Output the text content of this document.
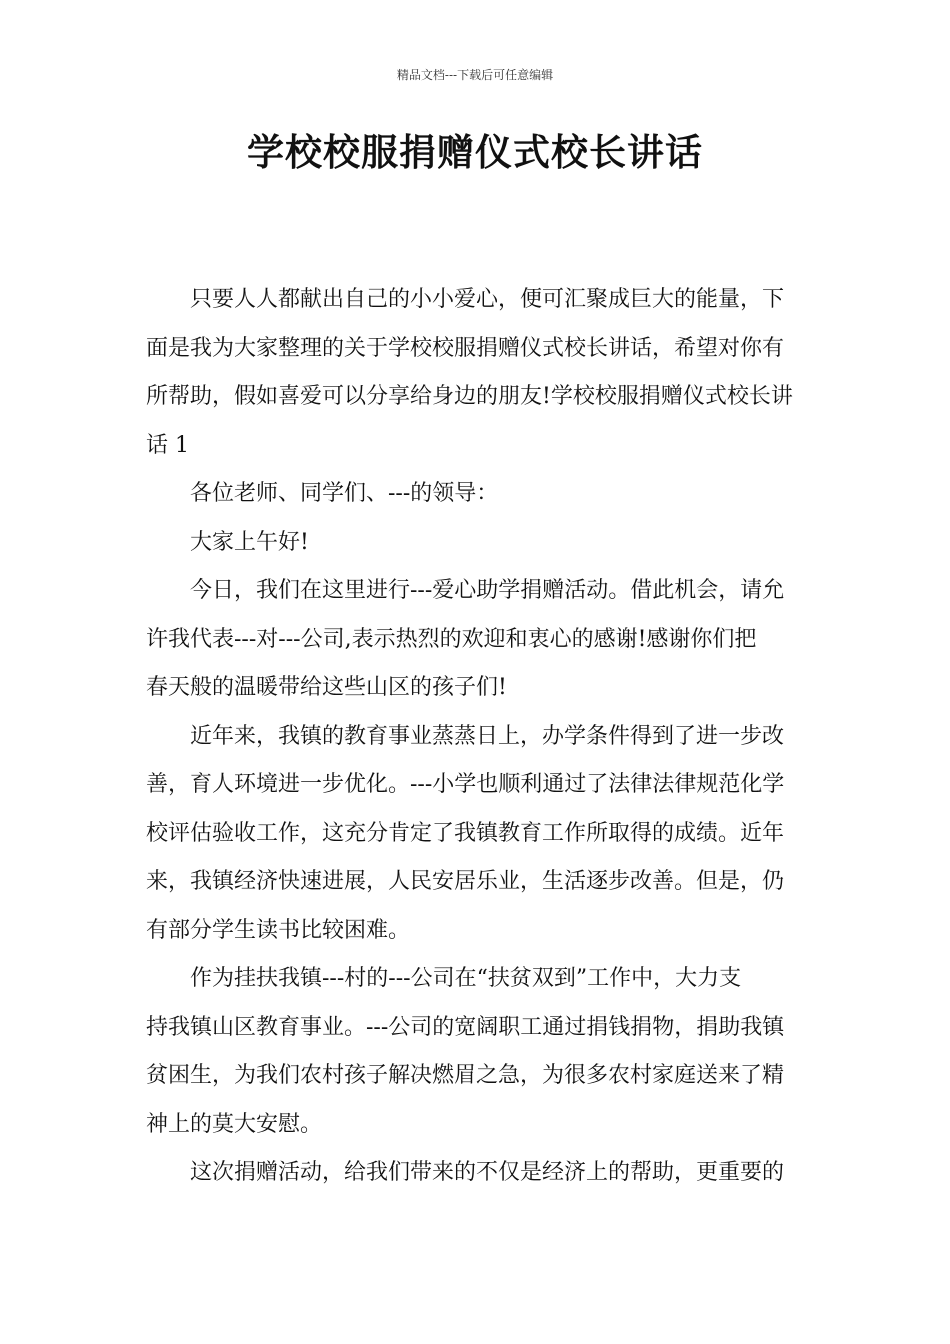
精品文档---下载后可任意编辑
学校校服捐赠仪式校长讲话
只要人人都献出自己的小小爱心，便可汇聚成巨大的能量，下
面是我为大家整理的关于学校校服捐赠仪式校长讲话，希望对你有
所帮助，假如喜爱可以分享给身边的朋友!学校校服捐赠仪式校长讲
话 1
各位老师、同学们、---的领导：
大家上午好!
今日，我们在这里进行---爱心助学捐赠活动。借此机会，请允
许我代表---对---公司,表示热烈的欢迎和衷心的感谢!感谢你们把
春天般的温暖带给这些山区的孩子们!
近年来，我镇的教育事业蒸蒸日上，办学条件得到了进一步改
善，育人环境进一步优化。---小学也顺利通过了法律法律规范化学
校评估验收工作，这充分肯定了我镇教育工作所取得的成绩。近年
来，我镇经济快速进展，人民安居乐业，生活逐步改善。但是，仍
有部分学生读书比较困难。
作为挂扶我镇---村的---公司在“扶贫双到”工作中，大力支
持我镇山区教育事业。---公司的宽阔职工通过捐钱捐物，捐助我镇
贫困生，为我们农村孩子解决燃眉之急，为很多农村家庭送来了精
神上的莫大安慰。
这次捐赠活动，给我们带来的不仅是经济上的帮助，更重要的
